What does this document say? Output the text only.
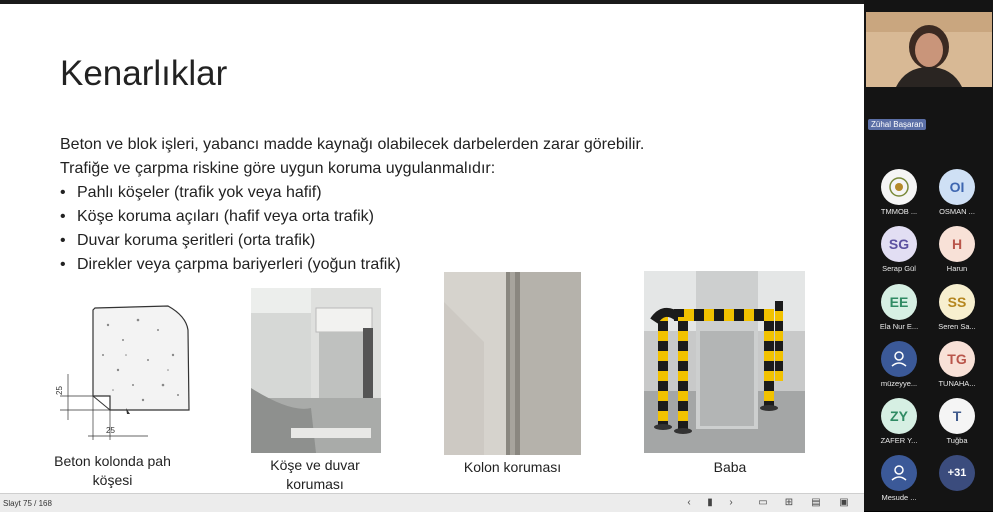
Kenarlıklar
Beton ve blok işleri, yabancı madde kaynağı olabilecek darbelerden zarar görebilir.
Trafiğe ve çarpma riskine göre uygun koruma uygulanmalıdır:
• Pahlı köşeler (trafik yok veya hafif)
• Köşe koruma açıları (hafif veya orta trafik)
• Duvar koruma şeritleri (orta trafik)
• Direkler veya çarpma bariyerleri (yoğun trafik)
25
25
Beton kolonda pah
köşesi
Köşe ve duvar
koruması
Kolon koruması	Baba
Slayt 75 / 168	‹	▮	›	▭	⊞	▤	▣
Zühal Başaran
TMMOB ...
OI
OSMAN ...
SG
Serap Gül
H
Harun
EE
Ela Nur E...
SS
Seren Sa...
müzeyye...
TG
TUNAHA...
ZY
ZAFER Y...
T
Tuğba
Mesude ...
+31
